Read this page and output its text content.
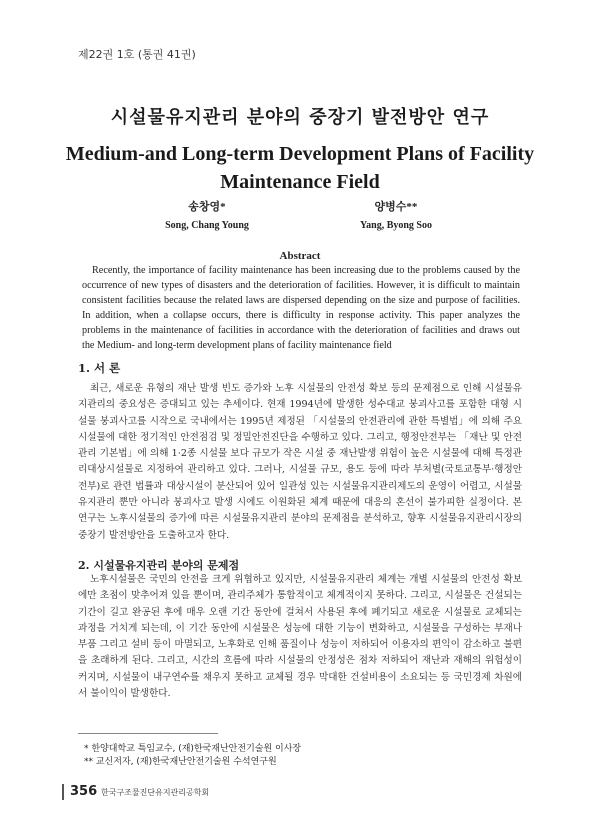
제22권 1호 (통권 41권)
시설물유지관리 분야의 중장기 발전방안 연구
Medium-and Long-term Development Plans of Facility
Maintenance Field
송창영*
Song, Chang Young
양병수**
Yang, Byong Soo
Abstract

Recently, the importance of facility maintenance has been increasing due to the problems caused by the occurrence of new types of disasters and the deterioration of facilities. However, it is difficult to maintain consistent facilities because the related laws are dispersed depending on the size and purpose of facilities. In addition, when a collapse occurs, there is difficulty in response activity. This paper analyzes the problems in the maintenance of facilities in accordance with the deterioration of facilities and draws out the Medium- and long-term development plans of facility maintenance field

1. 서 론

최근, 새로운 유형의 재난 발생 빈도 증가와 노후 시설물의 안전성 확보 등의 문제점으로 인해 시설물유지관리의 중요성은 증대되고 있는 추세이다. 현재 1994년에 발생한 성수대교 붕괴사고를 포함한 대형 시설물 붕괴사고를 시작으로 국내에서는 1995년 제정된 「시설물의 안전관리에 관한 특별법」에 의해 주요 시설물에 대한 정기적인 안전점검 및 정밀안전진단을 수행하고 있다. 그리고, 행정안전부는 「재난 및 안전관리 기본법」에 의해 1·2종 시설물 보다 규모가 작은 시설 중 재난발생 위험이 높은 시설물에 대해 특정관리대상시설물로 지정하여 관리하고 있다. 그러나, 시설물 규모, 용도 등에 따라 부처별(국토교통부·행정안전부)로 관련 법률과 대상시설이 분산되어 있어 일관성 있는 시설물유지관리제도의 운영이 어렵고, 시설물유지관리 뿐만 아니라 붕괴사고 발생 시에도 이원화된 체계 때문에 대응의 혼선이 불가피한 실정이다. 본 연구는 노후시설물의 증가에 따른 시설물유지관리 분야의 문제점을 분석하고, 향후 시설물유지관리시장의 중장기 발전방안을 도출하고자 한다.

2. 시설물유지관리 분야의 문제점

노후시설물은 국민의 안전을 크게 위협하고 있지만, 시설물유지관리 체계는 개별 시설물의 안전성 확보에만 초점이 맞추어져 있을 뿐이며, 관리주체가 통합적이고 체계적이지 못하다. 그리고, 시설물은 건설되는 기간이 길고 완공된 후에 매우 오랜 기간 동안에 걸쳐서 사용된 후에 폐기되고 새로운 시설물로 교체되는 과정을 거치게 되는데, 이 기간 동안에 시설물은 성능에 대한 기능이 변화하고, 시설물을 구성하는 부재나 부품 그리고 설비 등이 마멸되고, 노후화로 인해 품질이나 성능이 저하되어 이용자의 편익이 감소하고 불편을 초래하게 된다. 그리고, 시간의 흐름에 따라 시설물의 안정성은 점차 저하되어 재난과 재해의 위험성이 커지며, 시설물이 내구연수를 채우지 못하고 교체될 경우 막대한 건설비용이 소요되는 등 국민경제 차원에서 불이익이 발생한다.

* 한양대학교 특임교수, (재)한국재난안전기술원 이사장
** 교신저자, (재)한국재난안전기술원 수석연구원
356 한국구조물진단유지관리공학회
